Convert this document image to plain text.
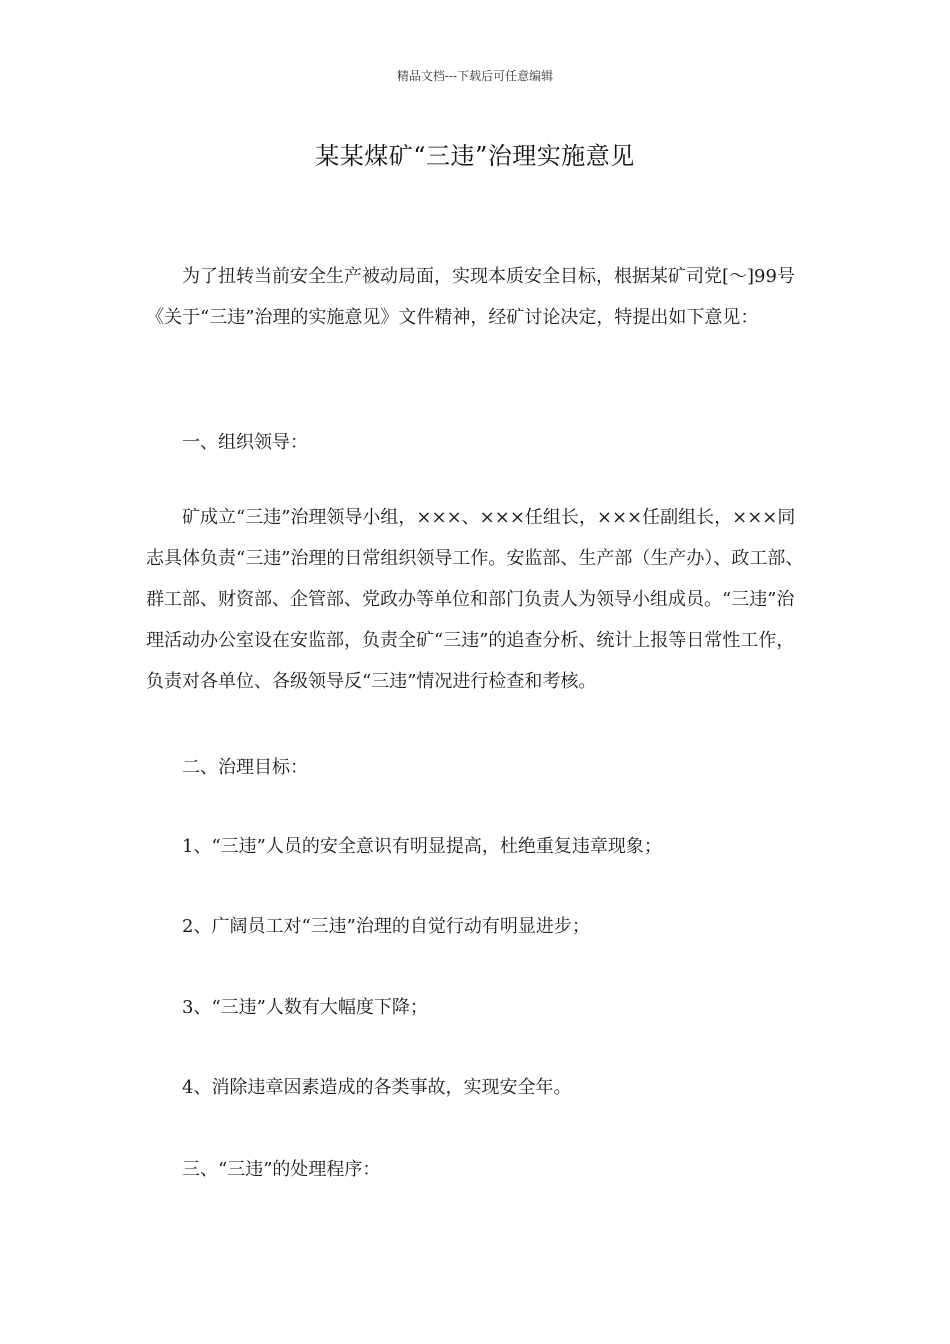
精品文档---下载后可任意编辑
某某煤矿“三违”治理实施意见

为了扭转当前安全生产被动局面，实现本质安全目标，根据某矿司党[～]99号《关于“三违”治理的实施意见》文件精神，经矿讨论决定，特提出如下意见：

一、组织领导：

矿成立“三违”治理领导小组，×××、×××任组长，×××任副组长，×××同志具体负责“三违”治理的日常组织领导工作。安监部、生产部（生产办）、政工部、群工部、财资部、企管部、党政办等单位和部门负责人为领导小组成员。“三违”治理活动办公室设在安监部，负责全矿“三违”的追查分析、统计上报等日常性工作，负责对各单位、各级领导反“三违”情况进行检查和考核。

二、治理目标：
1、“三违”人员的安全意识有明显提高，杜绝重复违章现象；
2、广阔员工对“三违”治理的自觉行动有明显进步；
3、“三违”人数有大幅度下降；
4、消除违章因素造成的各类事故，实现安全年。
三、“三违”的处理程序：
